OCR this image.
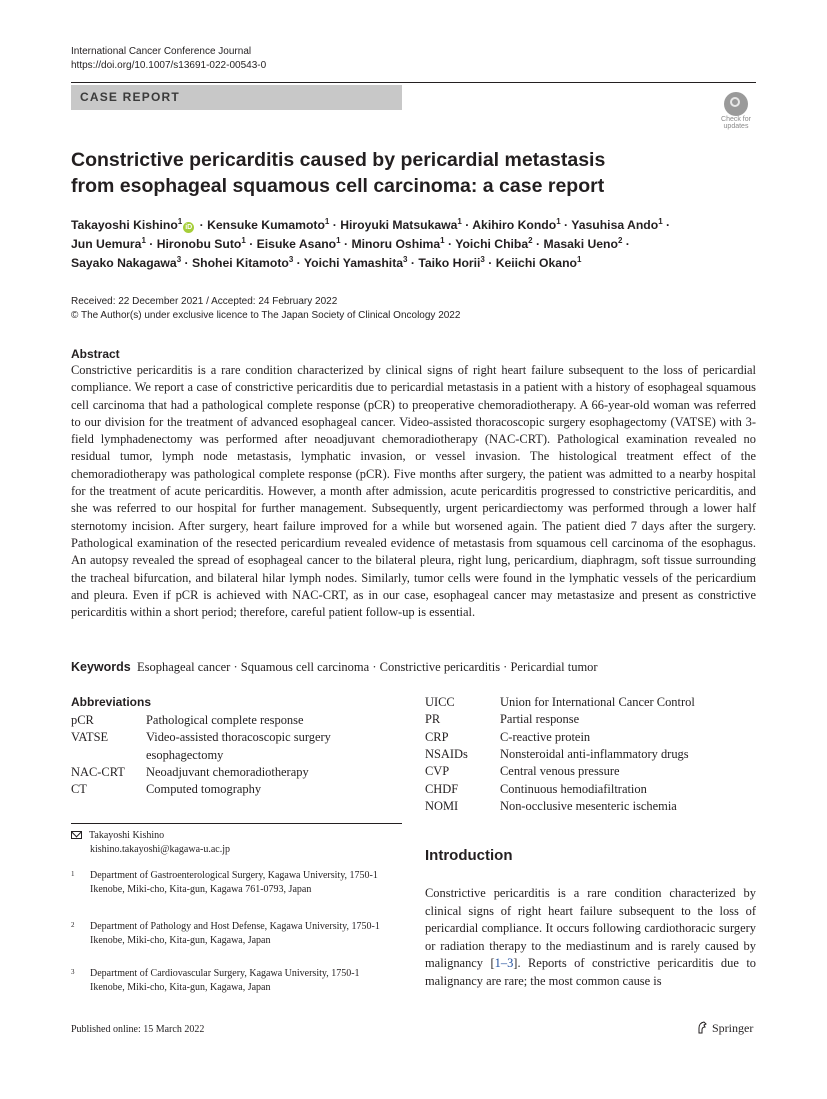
International Cancer Conference Journal
https://doi.org/10.1007/s13691-022-00543-0
CASE REPORT
Check for updates
Constrictive pericarditis caused by pericardial metastasis
from esophageal squamous cell carcinoma: a case report
Takayoshi Kishino$^1$iD · Kensuke Kumamoto$^1$ · Hiroyuki Matsukawa$^1$ · Akihiro Kondo$^1$ · Yasuhisa Ando$^1$ ·
Jun Uemura$^1$ · Hironobu Suto$^1$ · Eisuke Asano$^1$ · Minoru Oshima$^1$ · Yoichi Chiba$^2$ · Masaki Ueno$^2$ ·
Sayako Nakagawa$^3$ · Shohei Kitamoto$^3$ · Yoichi Yamashita$^3$ · Taiko Horii$^3$ · Keiichi Okano$^1$
Received: 22 December 2021 / Accepted: 24 February 2022
© The Author(s) under exclusive licence to The Japan Society of Clinical Oncology 2022
Abstract
Constrictive pericarditis is a rare condition characterized by clinical signs of right heart failure subsequent to the loss of pericardial compliance. We report a case of constrictive pericarditis due to pericardial metastasis in a patient with a history of esophageal squamous cell carcinoma that had a pathological complete response (pCR) to preoperative chemoradiotherapy. A 66-year-old woman was referred to our division for the treatment of advanced esophageal cancer. Video-assisted thoracoscopic surgery esophagectomy (VATSE) with 3-field lymphadenectomy was performed after neoadjuvant chemoradiotherapy (NAC-CRT). Pathological examination revealed no residual tumor, lymph node metastasis, lymphatic invasion, or vessel invasion. The histological treatment effect of the chemoradiotherapy was pathological complete response (pCR). Five months after surgery, the patient was admitted to a nearby hospital for the treatment of acute pericarditis. However, a month after admission, acute pericarditis progressed to constrictive pericarditis, and she was referred to our hospital for further management. Subsequently, urgent pericardiectomy was performed through a lower half sternotomy incision. After surgery, heart failure improved for a while but worsened again. The patient died 7 days after the surgery. Pathological examination of the resected pericardium revealed evidence of metastasis from squamous cell carcinoma of the esophagus. An autopsy revealed the spread of esophageal cancer to the bilateral pleura, right lung, pericardium, diaphragm, soft tissue surrounding the tracheal bifurcation, and bilateral hilar lymph nodes. Similarly, tumor cells were found in the lymphatic vessels of the pericardium and pleura. Even if pCR is achieved with NAC-CRT, as in our case, esophageal cancer may metastasize and present as constrictive pericarditis within a short period; therefore, careful patient follow-up is essential.
Keywords Esophageal cancer · Squamous cell carcinoma · Constrictive pericarditis · Pericardial tumor
Abbreviations
pCR	Pathological complete response
VATSE	Video-assisted thoracoscopic surgery
esophagectomy
NAC-CRT Neoadjuvant chemoradiotherapy
CT	Computed tomography
UICC	Union for International Cancer Control
PR	Partial response
CRP	C-reactive protein
NSAIDs	Nonsteroidal anti-inflammatory drugs
CVP	Central venous pressure
CHDF	Continuous hemodiafiltration
NOMI	Non-occlusive mesenteric ischemia
Takayoshi Kishino
kishino.takayoshi@kagawa-u.ac.jp
1 Department of Gastroenterological Surgery, Kagawa University, 1750-1 Ikenobe, Miki-cho, Kita-gun, Kagawa 761-0793, Japan
2 Department of Pathology and Host Defense, Kagawa University, 1750-1 Ikenobe, Miki-cho, Kita-gun, Kagawa, Japan
3 Department of Cardiovascular Surgery, Kagawa University, 1750-1 Ikenobe, Miki-cho, Kita-gun, Kagawa, Japan
Introduction
Constrictive pericarditis is a rare condition characterized by clinical signs of right heart failure subsequent to the loss of pericardial compliance. It occurs following cardiothoracic surgery or radiation therapy to the mediastinum and is rarely caused by malignancy [1–3]. Reports of constrictive pericarditis due to malignancy are rare; the most common cause is
Published online: 15 March 2022	Springer
